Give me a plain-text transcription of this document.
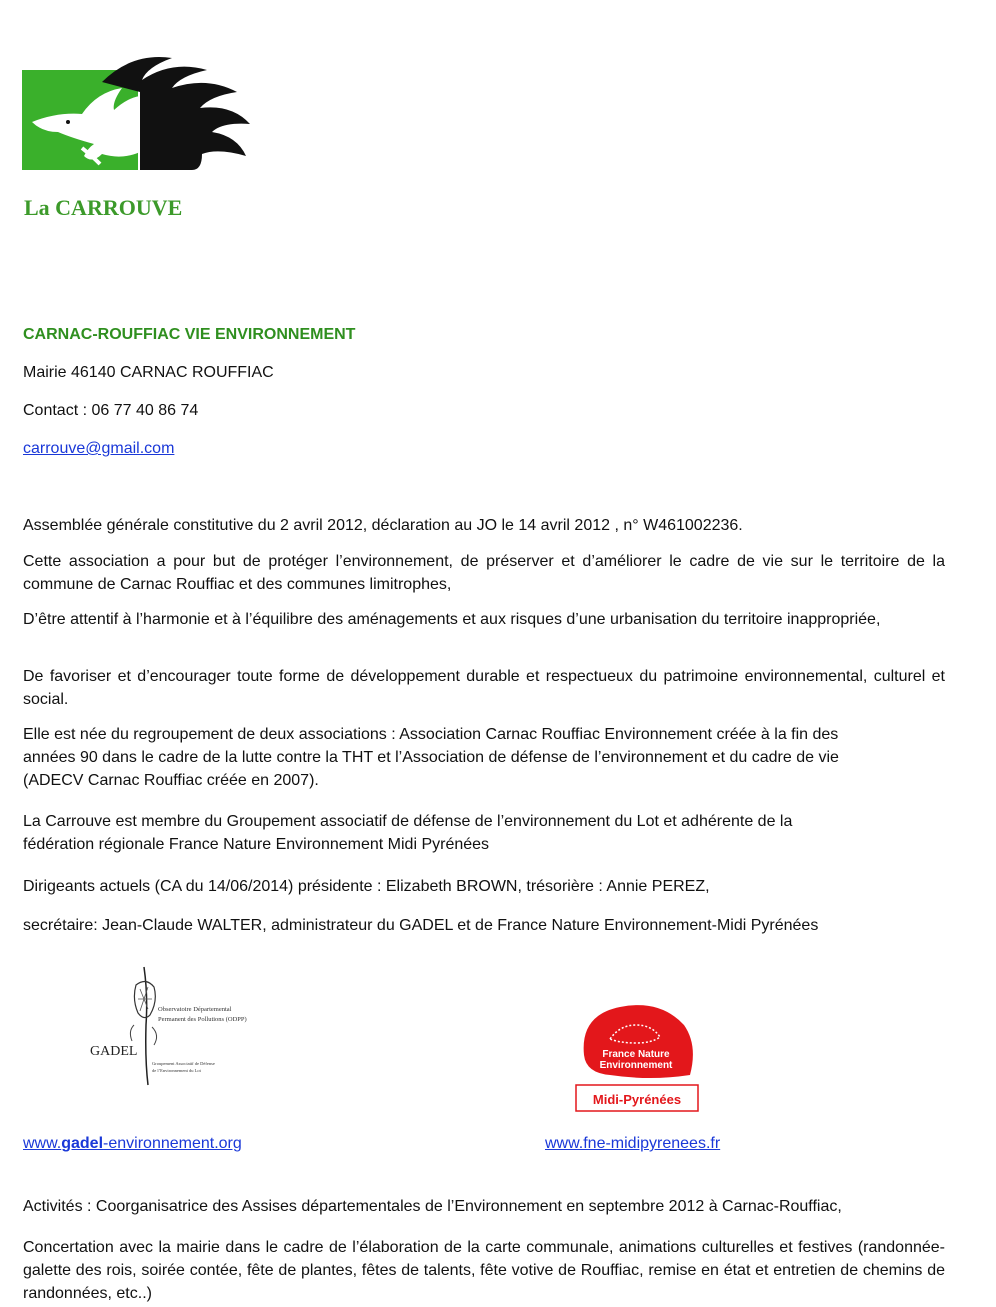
La CARROUVE
CARNAC-ROUFFIAC VIE ENVIRONNEMENT
Mairie 46140 CARNAC ROUFFIAC
Contact : 06 77 40 86 74
carrouve@gmail.com
Assemblée générale constitutive du 2 avril 2012, déclaration au JO le 14 avril 2012 , n° W461002236.
Cette association a pour but de protéger l’environnement, de préserver et d’améliorer le cadre de vie sur le territoire de la commune de Carnac Rouffiac et des communes limitrophes,
D’être attentif à l’harmonie et à l’équilibre des aménagements et aux risques d’une urbanisation du territoire inappropriée,
De favoriser et d’encourager toute forme de développement durable et respectueux du patrimoine environnemental, culturel et social.
Elle est née du regroupement de deux associations : Association Carnac Rouffiac Environnement créée à la fin des
années 90 dans le cadre de la lutte contre la THT et l’Association de défense de l’environnement et du cadre de vie
(ADECV Carnac Rouffiac créée en 2007).
La Carrouve est membre du Groupement associatif de défense de l’environnement du Lot et adhérente de la
fédération régionale France Nature Environnement Midi Pyrénées
Dirigeants actuels (CA du 14/06/2014) présidente : Elizabeth BROWN, trésorière : Annie PEREZ,
secrétaire: Jean-Claude WALTER, administrateur du GADEL et de France Nature Environnement-Midi Pyrénées
GADEL
Observatoire Départemental
Permanent des Pollutions (ODPP)
Groupement Associatif de Défense
de l’Environnement du Lot
France Nature
Environnement
Midi-Pyrénées
www.gadel-environnement.org	www.fne-midipyrenees.fr
Activités : Coorganisatrice des Assises départementales de l’Environnement en septembre 2012 à Carnac-Rouffiac,
Concertation avec la mairie dans le cadre de l’élaboration de la carte communale, animations culturelles et festives (randonnée-galette des rois, soirée contée, fête de plantes, fêtes de talents, fête votive de Rouffiac, remise en état et entretien de chemins de randonnées, etc..)
